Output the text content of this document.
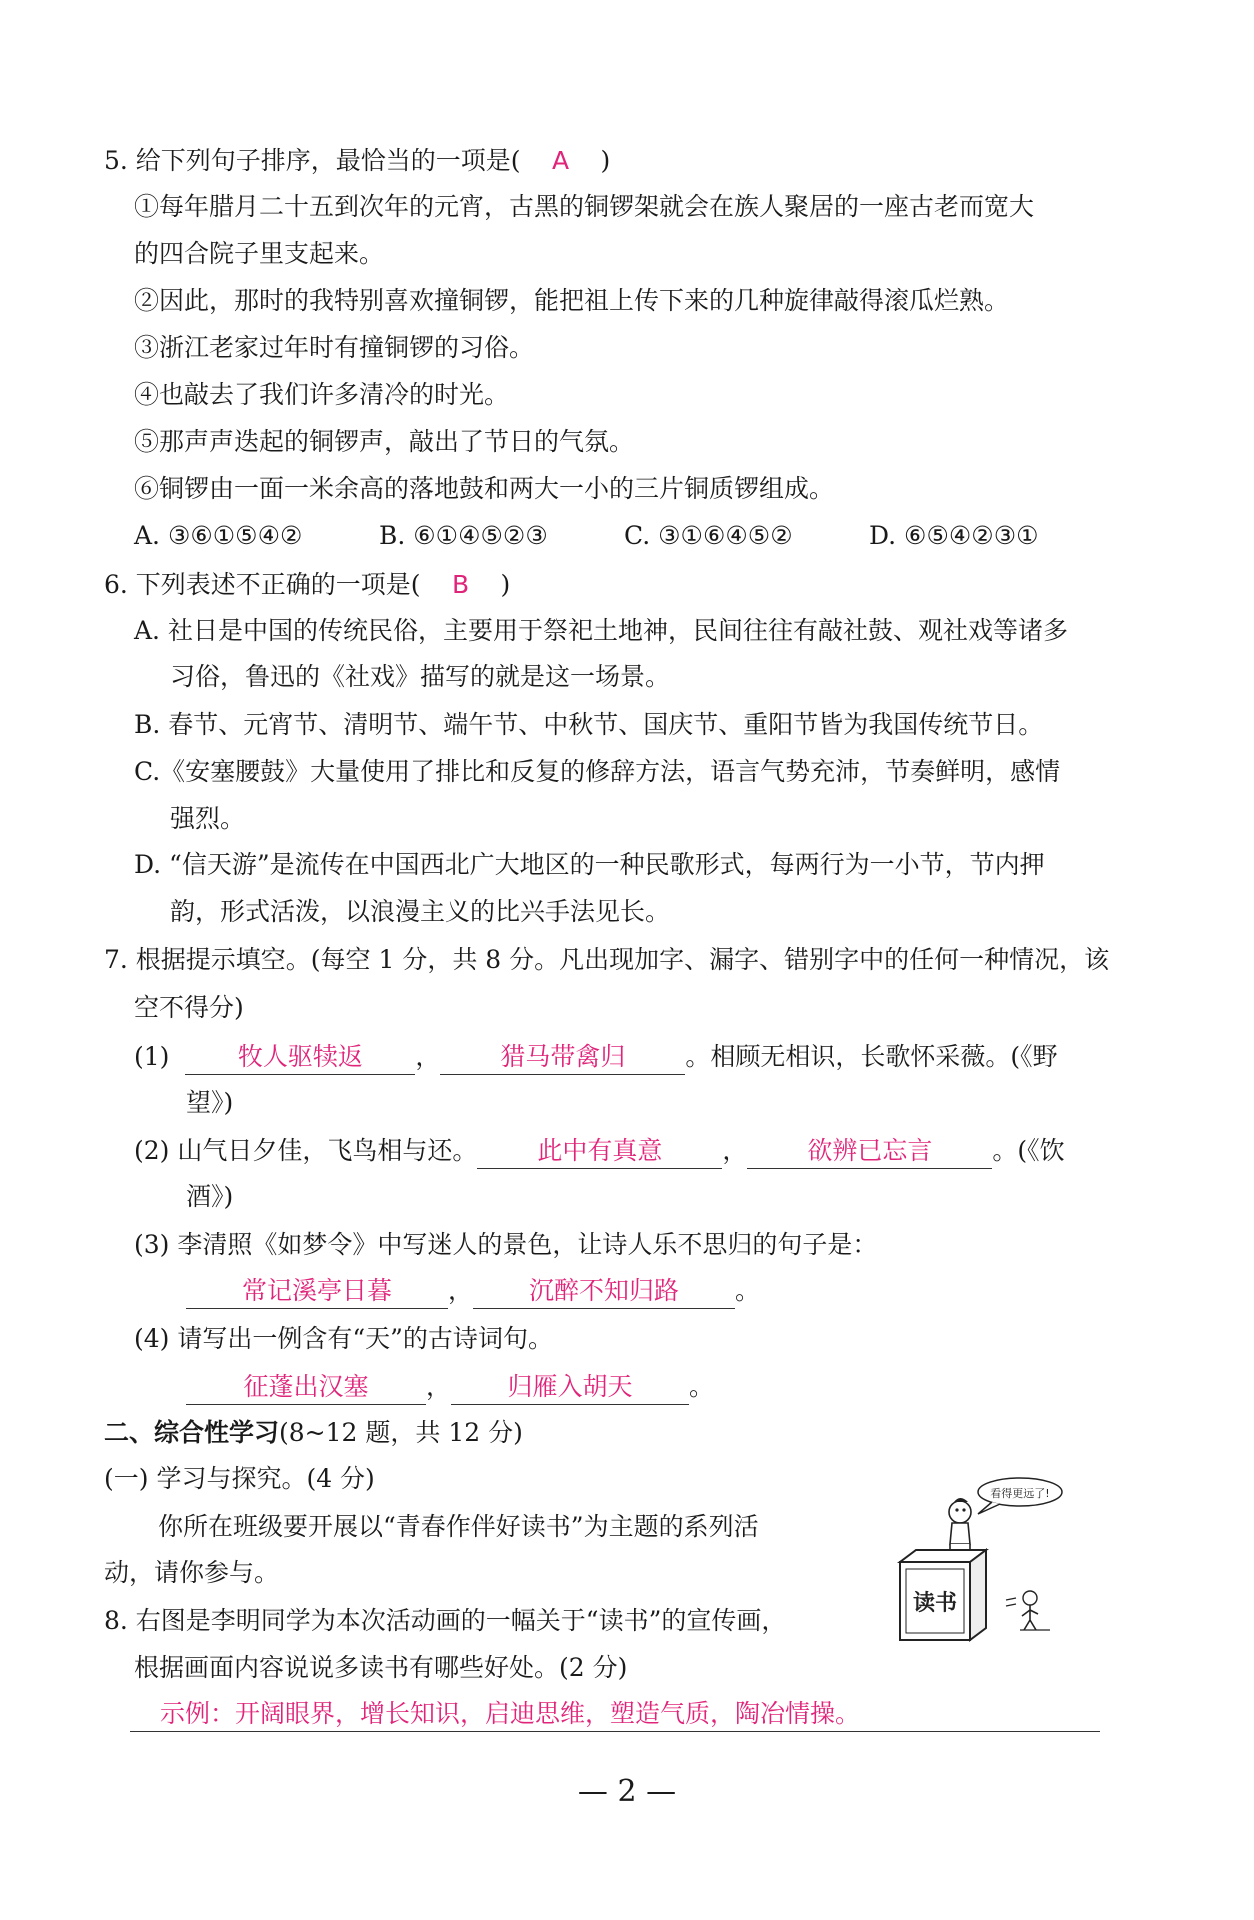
5. 给下列句子排序，最恰当的一项是( A )
①每年腊月二十五到次年的元宵，古黑的铜锣架就会在族人聚居的一座古老而宽大
的四合院子里支起来。
②因此，那时的我特别喜欢撞铜锣，能把祖上传下来的几种旋律敲得滚瓜烂熟。
③浙江老家过年时有撞铜锣的习俗。
④也敲去了我们许多清冷的时光。
⑤那声声迭起的铜锣声，敲出了节日的气氛。
⑥铜锣由一面一米余高的落地鼓和两大一小的三片铜质锣组成。
A. ③⑥①⑤④②	B. ⑥①④⑤②③	C. ③①⑥④⑤②	D. ⑥⑤④②③①
6. 下列表述不正确的一项是( B )
A. 社日是中国的传统民俗，主要用于祭祀土地神，民间往往有敲社鼓、观社戏等诸多
习俗，鲁迅的《社戏》描写的就是这一场景。
B. 春节、元宵节、清明节、端午节、中秋节、国庆节、重阳节皆为我国传统节日。
C.《安塞腰鼓》大量使用了排比和反复的修辞方法，语言气势充沛，节奏鲜明，感情
强烈。
D. “信天游”是流传在中国西北广大地区的一种民歌形式，每两行为一小节，节内押
韵，形式活泼，以浪漫主义的比兴手法见长。
7. 根据提示填空。(每空 1 分，共 8 分。凡出现加字、漏字、错别字中的任何一种情况，该
空不得分)
(1)	牧人驱犊返 ， 猎马带禽归 。相顾无相识，长歌怀采薇。(《野
望》)
(2) 山气日夕佳，飞鸟相与还。 此中有真意 ， 欲辨已忘言 。(《饮
酒》)
(3) 李清照《如梦令》中写迷人的景色，让诗人乐不思归的句子是：
常记溪亭日暮 ， 沉醉不知归路 。
(4) 请写出一例含有“天”的古诗词句。
征蓬出汉塞 ， 归雁入胡天 。
二、综合性学习(8~12 题，共 12 分)
(一) 学习与探究。(4 分)
你所在班级要开展以“青春作伴好读书”为主题的系列活
动，请你参与。
8. 右图是李明同学为本次活动画的一幅关于“读书”的宣传画，
根据画面内容说说多读书有哪些好处。(2 分)
示例：开阔眼界，增长知识，启迪思维，塑造气质，陶冶情操。
看得更远了!
读书
— 2 —
